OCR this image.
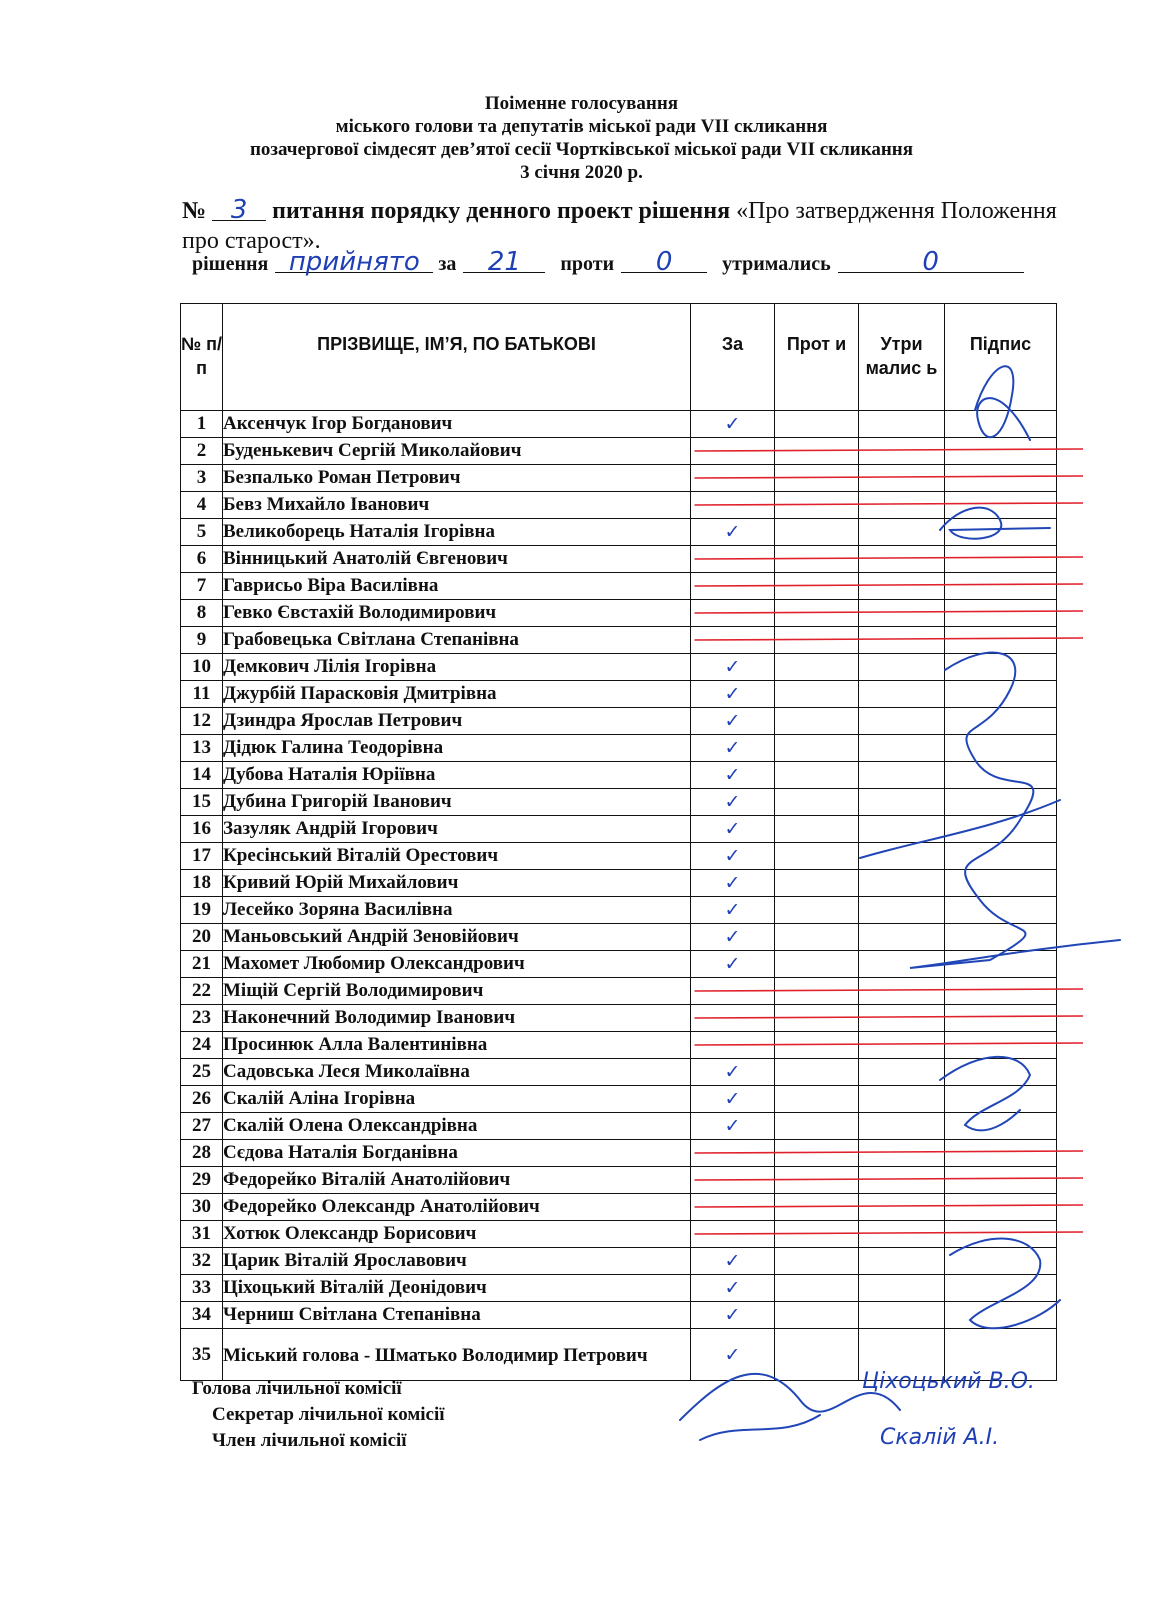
Поіменне голосування
міського голови та депутатів міської ради VII скликання
позачергової сімдесят дев’ятої сесії Чортківської міської ради VII скликання
3 січня 2020 р.
№ 3 питання порядку денного проект рішення «Про затвердження Положення про старост».
рішення прийнято за 21 проти 0 утримались	0
№ п/п	ПРІЗВИЩЕ, ІМ’Я, ПО БАТЬКОВІ	За	Прот и	Утри малис ь	Підпис
1	Аксенчук Ігор Богданович	✓			
2	Буденькевич Сергій Миколайович				
3	Безпалько Роман Петрович				
4	Бевз Михайло Іванович				
5	Великоборець Наталія Ігорівна	✓			
6	Вінницький Анатолій Євгенович				
7	Гаврисьо Віра Василівна				
8	Гевко Євстахій Володимирович				
9	Грабовецька Світлана Степанівна				
10	Демкович Лілія Ігорівна	✓			
11	Джурбій Парасковія Дмитрівна	✓			
12	Дзиндра Ярослав Петрович	✓			
13	Дідюк Галина Теодорівна	✓			
14	Дубова Наталія Юріївна	✓			
15	Дубина Григорій Іванович	✓			
16	Зазуляк Андрій Ігорович	✓			
17	Кресінський Віталій Орестович	✓			
18	Кривий Юрій Михайлович	✓			
19	Лесейко Зоряна Василівна	✓			
20	Маньовський Андрій Зеновійович	✓			
21	Махомет Любомир Олександрович	✓			
22	Міщій Сергій Володимирович				
23	Наконечний Володимир Іванович				
24	Просинюк Алла Валентинівна				
25	Садовська Леся Миколаївна	✓			
26	Скалій Аліна Ігорівна	✓			
27	Скалій Олена Олександрівна	✓			
28	Сєдова Наталія Богданівна				
29	Федорейко Віталій Анатолійович				
30	Федорейко Олександр Анатолійович				
31	Хотюк Олександр Борисович				
32	Царик Віталій Ярославович	✓			
33	Ціхоцький Віталій Деонідович	✓			
34	Черниш Світлана Степанівна	✓			
35	Міський голова - Шматько Володимир Петрович	✓			
Голова лічильної комісії
Секретар лічильної комісії
Член лічильної комісії
Ціхоцький В.О.
Скалій А.І.
